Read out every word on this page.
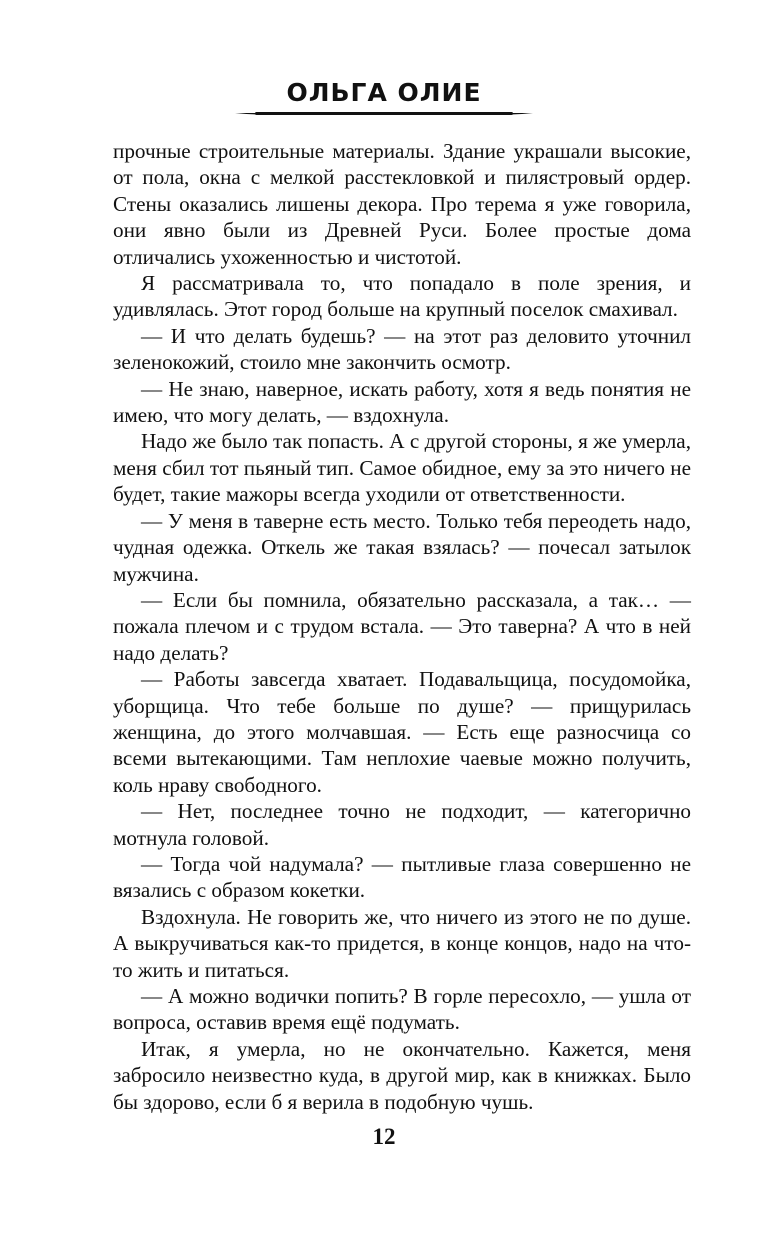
ОЛЬГА ОЛИЕ

прочные строительные материалы. Здание украшали высокие, от пола, окна с мелкой расстекловкой и пилястровый ордер. Стены оказались лишены декора. Про терема я уже говорила, они явно были из Древней Руси. Более простые дома отличались ухоженностью и чистотой.

Я рассматривала то, что попадало в поле зрения, и удивлялась. Этот город больше на крупный поселок смахивал.

— И что делать будешь? — на этот раз деловито уточнил зеленокожий, стоило мне закончить осмотр.

— Не знаю, наверное, искать работу, хотя я ведь понятия не имею, что могу делать, — вздохнула.

Надо же было так попасть. А с другой стороны, я же умерла, меня сбил тот пьяный тип. Самое обидное, ему за это ничего не будет, такие мажоры всегда уходили от ответственности.

— У меня в таверне есть место. Только тебя переодеть надо, чудная одежка. Откель же такая взялась? — почесал затылок мужчина.

— Если бы помнила, обязательно рассказала, а так… — пожала плечом и с трудом встала. — Это таверна? А что в ней надо делать?

— Работы завсегда хватает. Подавальщица, посудомойка, уборщица. Что тебе больше по душе? — прищурилась женщина, до этого молчавшая. — Есть еще разносчица со всеми вытекающими. Там неплохие чаевые можно получить, коль нраву свободного.

— Нет, последнее точно не подходит, — категорично мотнула головой.

— Тогда чой надумала? — пытливые глаза совершенно не вязались с образом кокетки.

Вздохнула. Не говорить же, что ничего из этого не по душе. А выкручиваться как-то придется, в конце концов, надо на что-то жить и питаться.

— А можно водички попить? В горле пересохло, — ушла от вопроса, оставив время ещё подумать.

Итак, я умерла, но не окончательно. Кажется, меня забросило неизвестно куда, в другой мир, как в книжках. Было бы здорово, если б я верила в подобную чушь.

12
